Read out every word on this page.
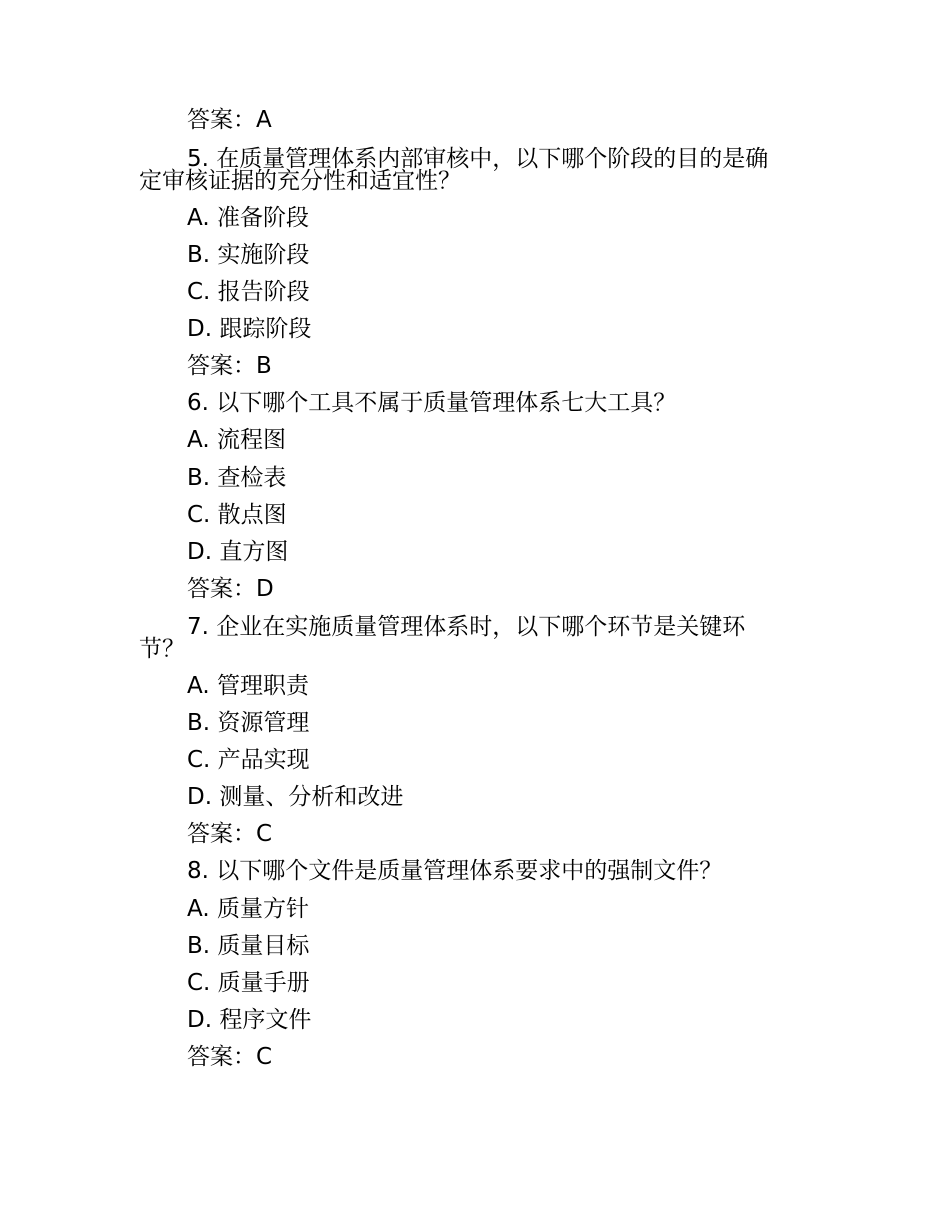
答案：A
5. 在质量管理体系内部审核中，以下哪个阶段的目的是确
定审核证据的充分性和适宜性？
A. 准备阶段
B. 实施阶段
C. 报告阶段
D. 跟踪阶段
答案：B
6. 以下哪个工具不属于质量管理体系七大工具？
A. 流程图
B. 查检表
C. 散点图
D. 直方图
答案：D
7. 企业在实施质量管理体系时，以下哪个环节是关键环
节？
A. 管理职责
B. 资源管理
C. 产品实现
D. 测量、分析和改进
答案：C
8. 以下哪个文件是质量管理体系要求中的强制文件？
A. 质量方针
B. 质量目标
C. 质量手册
D. 程序文件
答案：C
